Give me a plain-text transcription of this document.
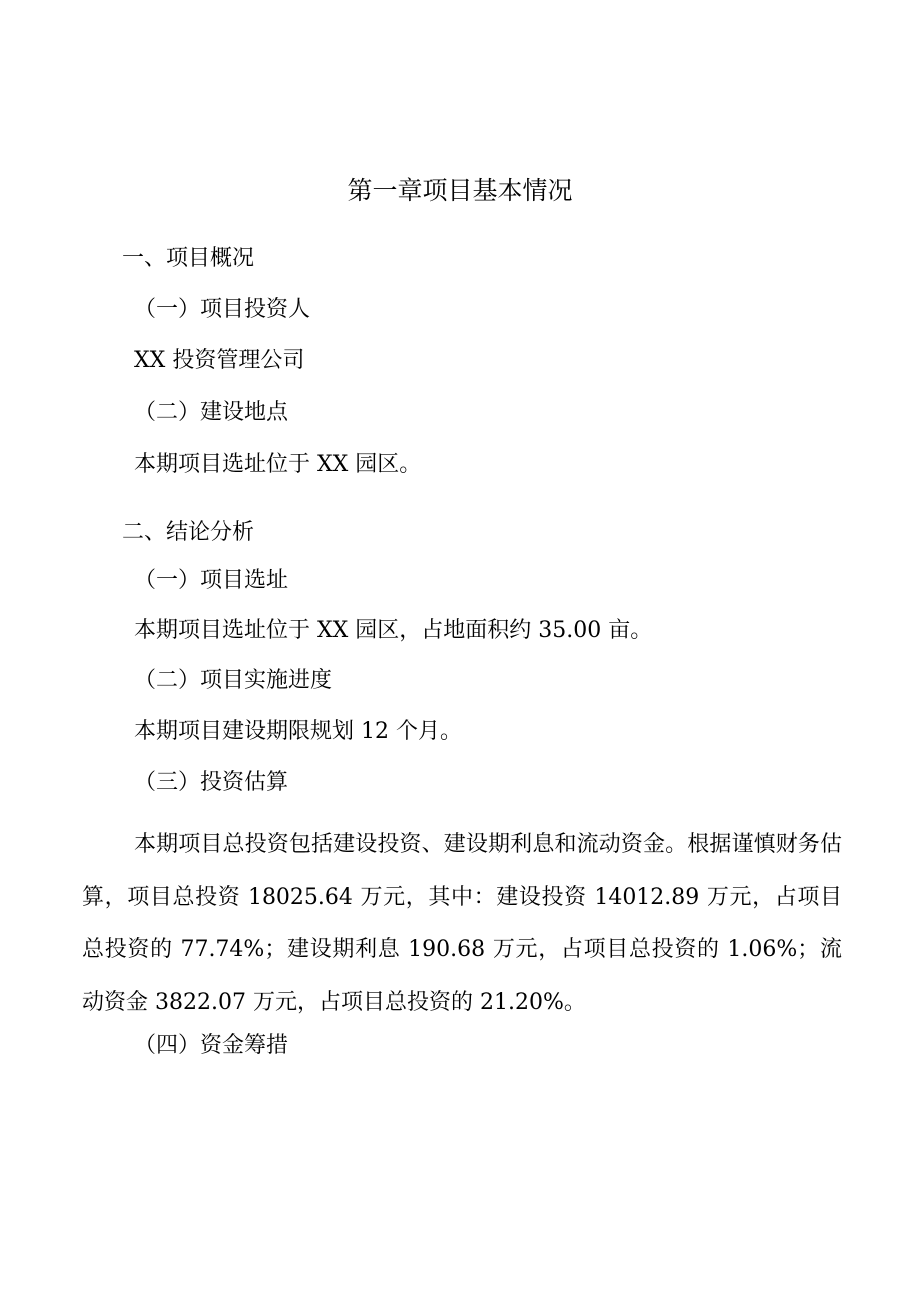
第一章项目基本情况

一、项目概况

（一）项目投资人

XX 投资管理公司

（二）建设地点

本期项目选址位于 XX 园区。

二、结论分析

（一）项目选址

本期项目选址位于 XX 园区，占地面积约 35.00 亩。

（二）项目实施进度

本期项目建设期限规划 12 个月。

（三）投资估算

本期项目总投资包括建设投资、建设期利息和流动资金。根据谨慎财务估算，项目总投资 18025.64 万元，其中：建设投资 14012.89 万元，占项目总投资的 77.74%；建设期利息 190.68 万元，占项目总投资的 1.06%；流动资金 3822.07 万元，占项目总投资的 21.20%。

（四）资金筹措
